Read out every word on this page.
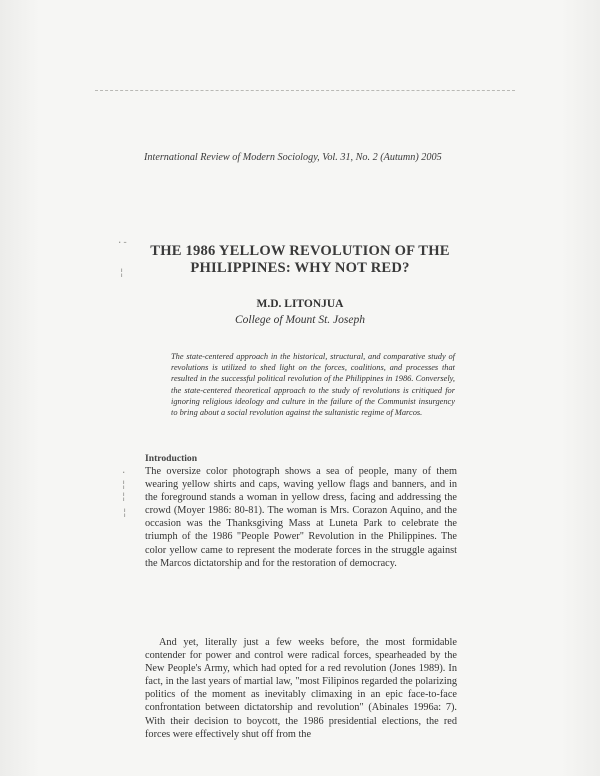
·-
¦
·
¦
¦
¦
International Review of Modern Sociology, Vol. 31, No. 2 (Autumn) 2005
THE 1986 YELLOW REVOLUTION OF THE PHILIPPINES: WHY NOT RED?
M.D. LITONJUA
College of Mount St. Joseph
The state-centered approach in the historical, structural, and comparative study of revolutions is utilized to shed light on the forces, coalitions, and processes that resulted in the successful political revolution of the Philippines in 1986. Conversely, the state-centered theoretical approach to the study of revolutions is critiqued for ignoring religious ideology and culture in the failure of the Communist insurgency to bring about a social revolution against the sultanistic regime of Marcos.
Introduction

The oversize color photograph shows a sea of people, many of them wearing yellow shirts and caps, waving yellow flags and banners, and in the foreground stands a woman in yellow dress, facing and addressing the crowd (Moyer 1986: 80-81). The woman is Mrs. Corazon Aquino, and the occasion was the Thanksgiving Mass at Luneta Park to celebrate the triumph of the 1986 "People Power" Revolution in the Philippines. The color yellow came to represent the moderate forces in the struggle against the Marcos dictatorship and for the restoration of democracy.

And yet, literally just a few weeks before, the most formidable contender for power and control were radical forces, spearheaded by the New People's Army, which had opted for a red revolution (Jones 1989). In fact, in the last years of martial law, "most Filipinos regarded the polarizing politics of the moment as inevitably climaxing in an epic face-to-face confrontation between dictatorship and revolution" (Abinales 1996a: 7). With their decision to boycott, the 1986 presidential elections, the red forces were effectively shut off from the
